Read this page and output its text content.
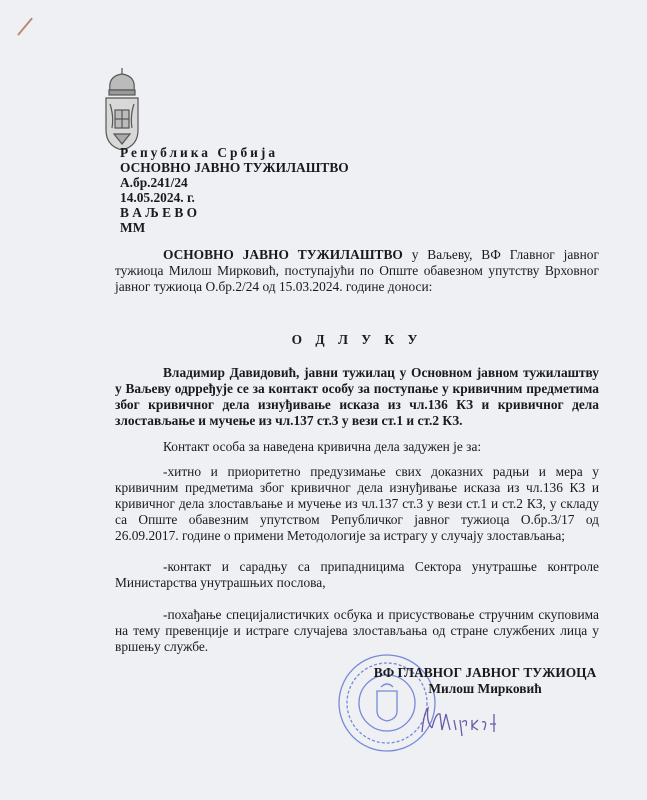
Република Србија
ОСНОВНО ЈАВНО ТУЖИЛАШТВО
А.бр.241/24
14.05.2024. г.
В А Љ Е В О
ММ

ОСНОВНО ЈАВНО ТУЖИЛАШТВО у Ваљеву, ВФ Главног јавног тужиоца Милош Мирковић, поступајући по Опште обавезном упутству Врховног јавног тужиоца О.бр.2/24 од 15.03.2024. године доноси:

О Д Л У К У

Владимир Давидовић, јавни тужилац у Основном јавном тужилаштву у Ваљеву одрређује се за контакт особу за поступање у кривичним предметима због кривичног дела изнуђивање исказа из чл.136 КЗ и кривичног дела злостављање и мучење из чл.137 ст.3 у вези ст.1 и ст.2 КЗ.

Контакт особа за наведена кривична дела задужен је за:

-хитно и приоритетно предузимање свих доказних радњи и мера у кривичним предметима због кривичног дела изнуђивање исказа из чл.136 КЗ и кривичног дела злостављање и мучење из чл.137 ст.3 у вези ст.1 и ст.2 КЗ, у складу са Опште обавезним упутством Републичког јавног тужиоца О.бр.3/17 од 26.09.2017. године о примени Методологије за истрагу у случају злостављања;

-контакт и сарадњу са припадницима Сектора унутрашње контроле Министарства унутрашњих послова,

-похађање специјалистичких осбука и присуствовање стручним скуповима на тему превенције и истраге случајева злостављања од стране службених лица у вршењу службе.

ВФ ГЛАВНОГ ЈАВНОГ ТУЖИОЦА
Милош Мирковић
